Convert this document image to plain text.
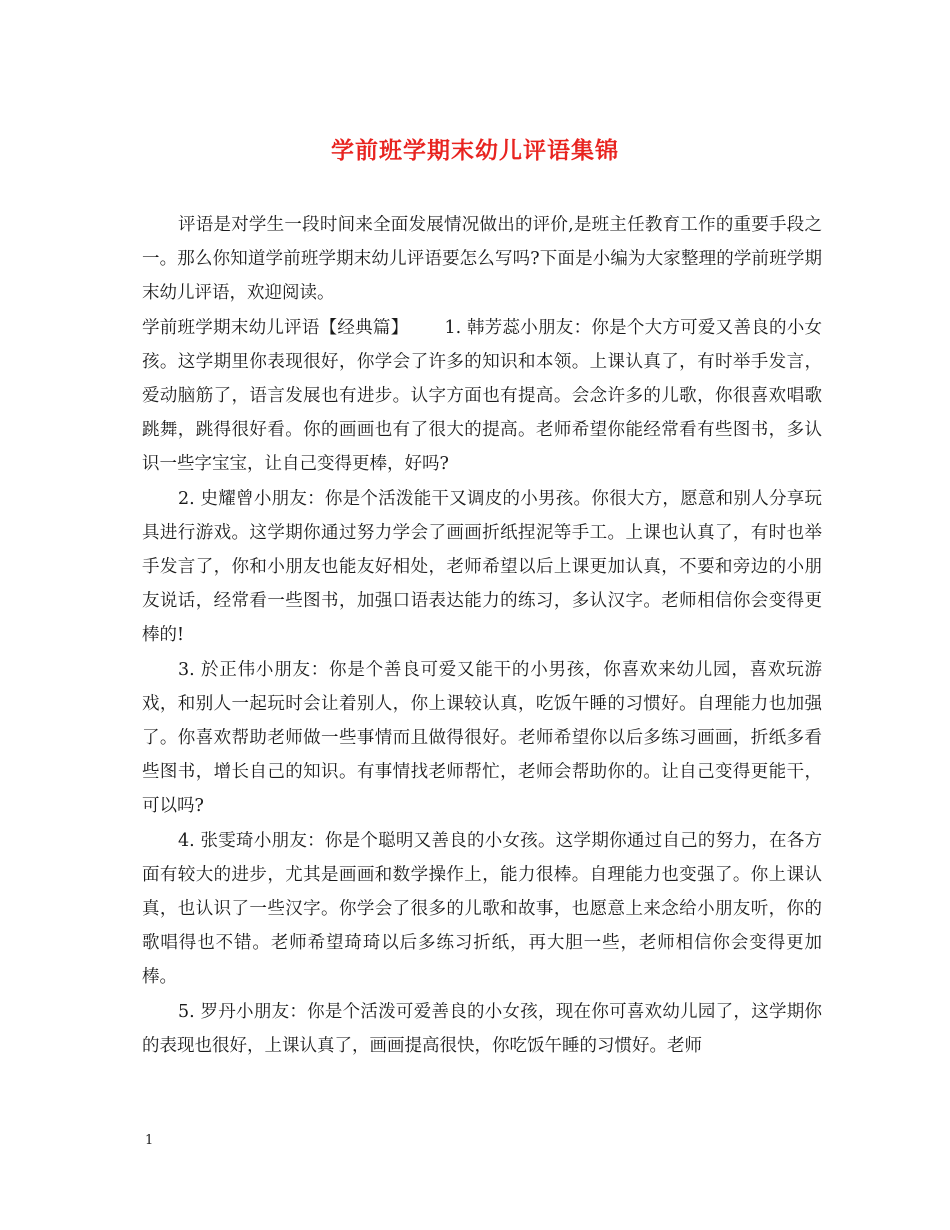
学前班学期末幼儿评语集锦

评语是对学生一段时间来全面发展情况做出的评价,是班主任教育工作的重要手段之一。那么你知道学前班学期末幼儿评语要怎么写吗?下面是小编为大家整理的学前班学期末幼儿评语，欢迎阅读。

学前班学期末幼儿评语【经典篇】 1. 韩芳蕊小朋友：你是个大方可爱又善良的小女孩。这学期里你表现很好，你学会了许多的知识和本领。上课认真了，有时举手发言，爱动脑筋了，语言发展也有进步。认字方面也有提高。会念许多的儿歌，你很喜欢唱歌跳舞，跳得很好看。你的画画也有了很大的提高。老师希望你能经常看有些图书，多认识一些字宝宝，让自己变得更棒，好吗?

2. 史耀曾小朋友：你是个活泼能干又调皮的小男孩。你很大方，愿意和别人分享玩具进行游戏。这学期你通过努力学会了画画折纸捏泥等手工。上课也认真了，有时也举手发言了，你和小朋友也能友好相处，老师希望以后上课更加认真，不要和旁边的小朋友说话，经常看一些图书，加强口语表达能力的练习，多认汉字。老师相信你会变得更棒的!

3. 於正伟小朋友：你是个善良可爱又能干的小男孩，你喜欢来幼儿园，喜欢玩游戏，和别人一起玩时会让着别人，你上课较认真，吃饭午睡的习惯好。自理能力也加强了。你喜欢帮助老师做一些事情而且做得很好。老师希望你以后多练习画画，折纸多看些图书，增长自己的知识。有事情找老师帮忙，老师会帮助你的。让自己变得更能干，可以吗?

4. 张雯琦小朋友：你是个聪明又善良的小女孩。这学期你通过自己的努力，在各方面有较大的进步，尤其是画画和数学操作上，能力很棒。自理能力也变强了。你上课认真，也认识了一些汉字。你学会了很多的儿歌和故事，也愿意上来念给小朋友听，你的歌唱得也不错。老师希望琦琦以后多练习折纸，再大胆一些，老师相信你会变得更加棒。

5. 罗丹小朋友：你是个活泼可爱善良的小女孩，现在你可喜欢幼儿园了，这学期你的表现也很好，上课认真了，画画提高很快，你吃饭午睡的习惯好。老师

1
